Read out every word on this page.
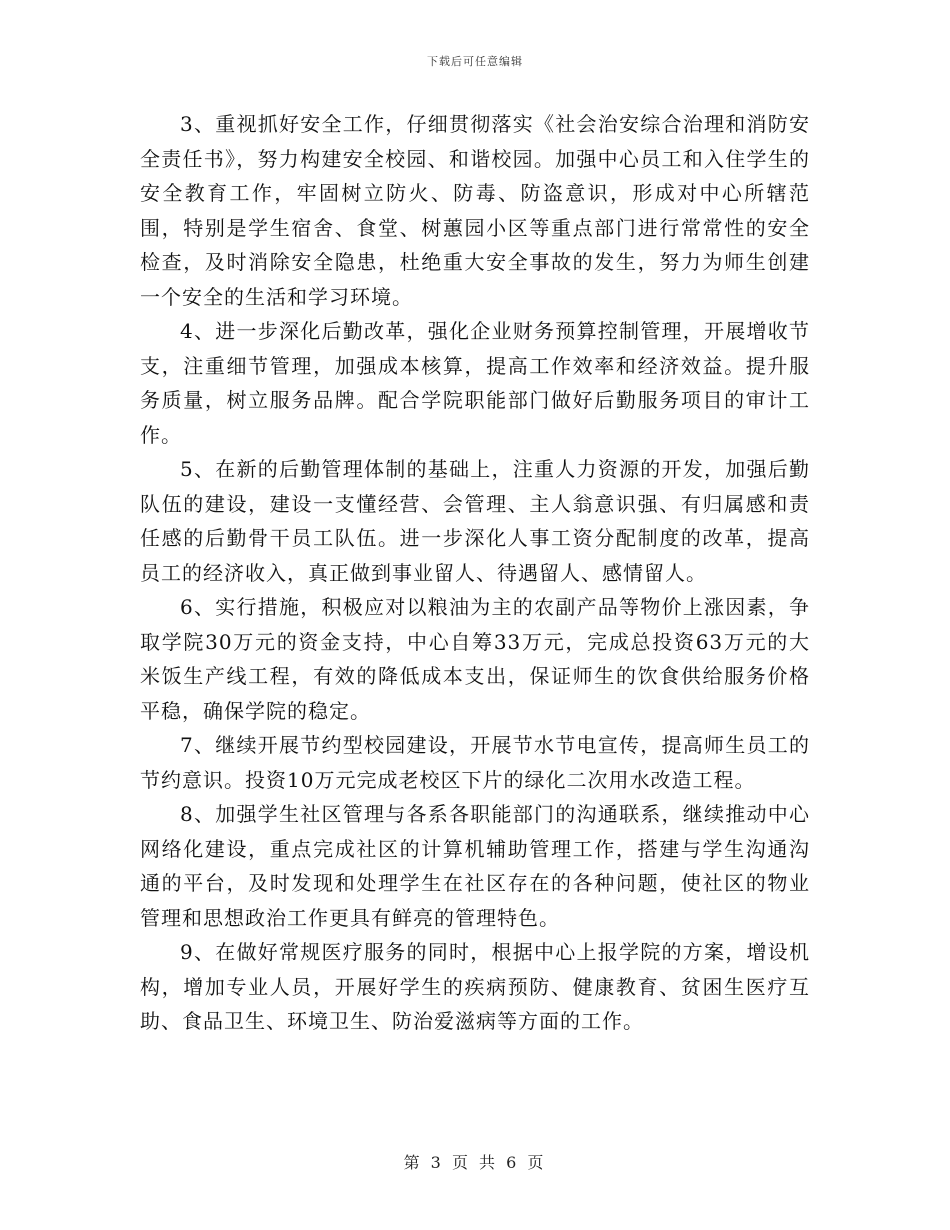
下载后可任意编辑

3、重视抓好安全工作，仔细贯彻落实《社会治安综合治理和消防安全责任书》，努力构建安全校园、和谐校园。加强中心员工和入住学生的安全教育工作，牢固树立防火、防毒、防盗意识，形成对中心所辖范围，特别是学生宿舍、食堂、树蕙园小区等重点部门进行常常性的安全检查，及时消除安全隐患，杜绝重大安全事故的发生，努力为师生创建一个安全的生活和学习环境。

4、进一步深化后勤改革，强化企业财务预算控制管理，开展增收节支，注重细节管理，加强成本核算，提高工作效率和经济效益。提升服务质量，树立服务品牌。配合学院职能部门做好后勤服务项目的审计工作。

5、在新的后勤管理体制的基础上，注重人力资源的开发，加强后勤队伍的建设，建设一支懂经营、会管理、主人翁意识强、有归属感和责任感的后勤骨干员工队伍。进一步深化人事工资分配制度的改革，提高员工的经济收入，真正做到事业留人、待遇留人、感情留人。

6、实行措施，积极应对以粮油为主的农副产品等物价上涨因素，争取学院30万元的资金支持，中心自筹33万元，完成总投资63万元的大米饭生产线工程，有效的降低成本支出，保证师生的饮食供给服务价格平稳，确保学院的稳定。

7、继续开展节约型校园建设，开展节水节电宣传，提高师生员工的节约意识。投资10万元完成老校区下片的绿化二次用水改造工程。

8、加强学生社区管理与各系各职能部门的沟通联系，继续推动中心网络化建设，重点完成社区的计算机辅助管理工作，搭建与学生沟通沟通的平台，及时发现和处理学生在社区存在的各种问题，使社区的物业管理和思想政治工作更具有鲜亮的管理特色。

9、在做好常规医疗服务的同时，根据中心上报学院的方案，增设机构，增加专业人员，开展好学生的疾病预防、健康教育、贫困生医疗互助、食品卫生、环境卫生、防治爱滋病等方面的工作。

第 3 页 共 6 页
